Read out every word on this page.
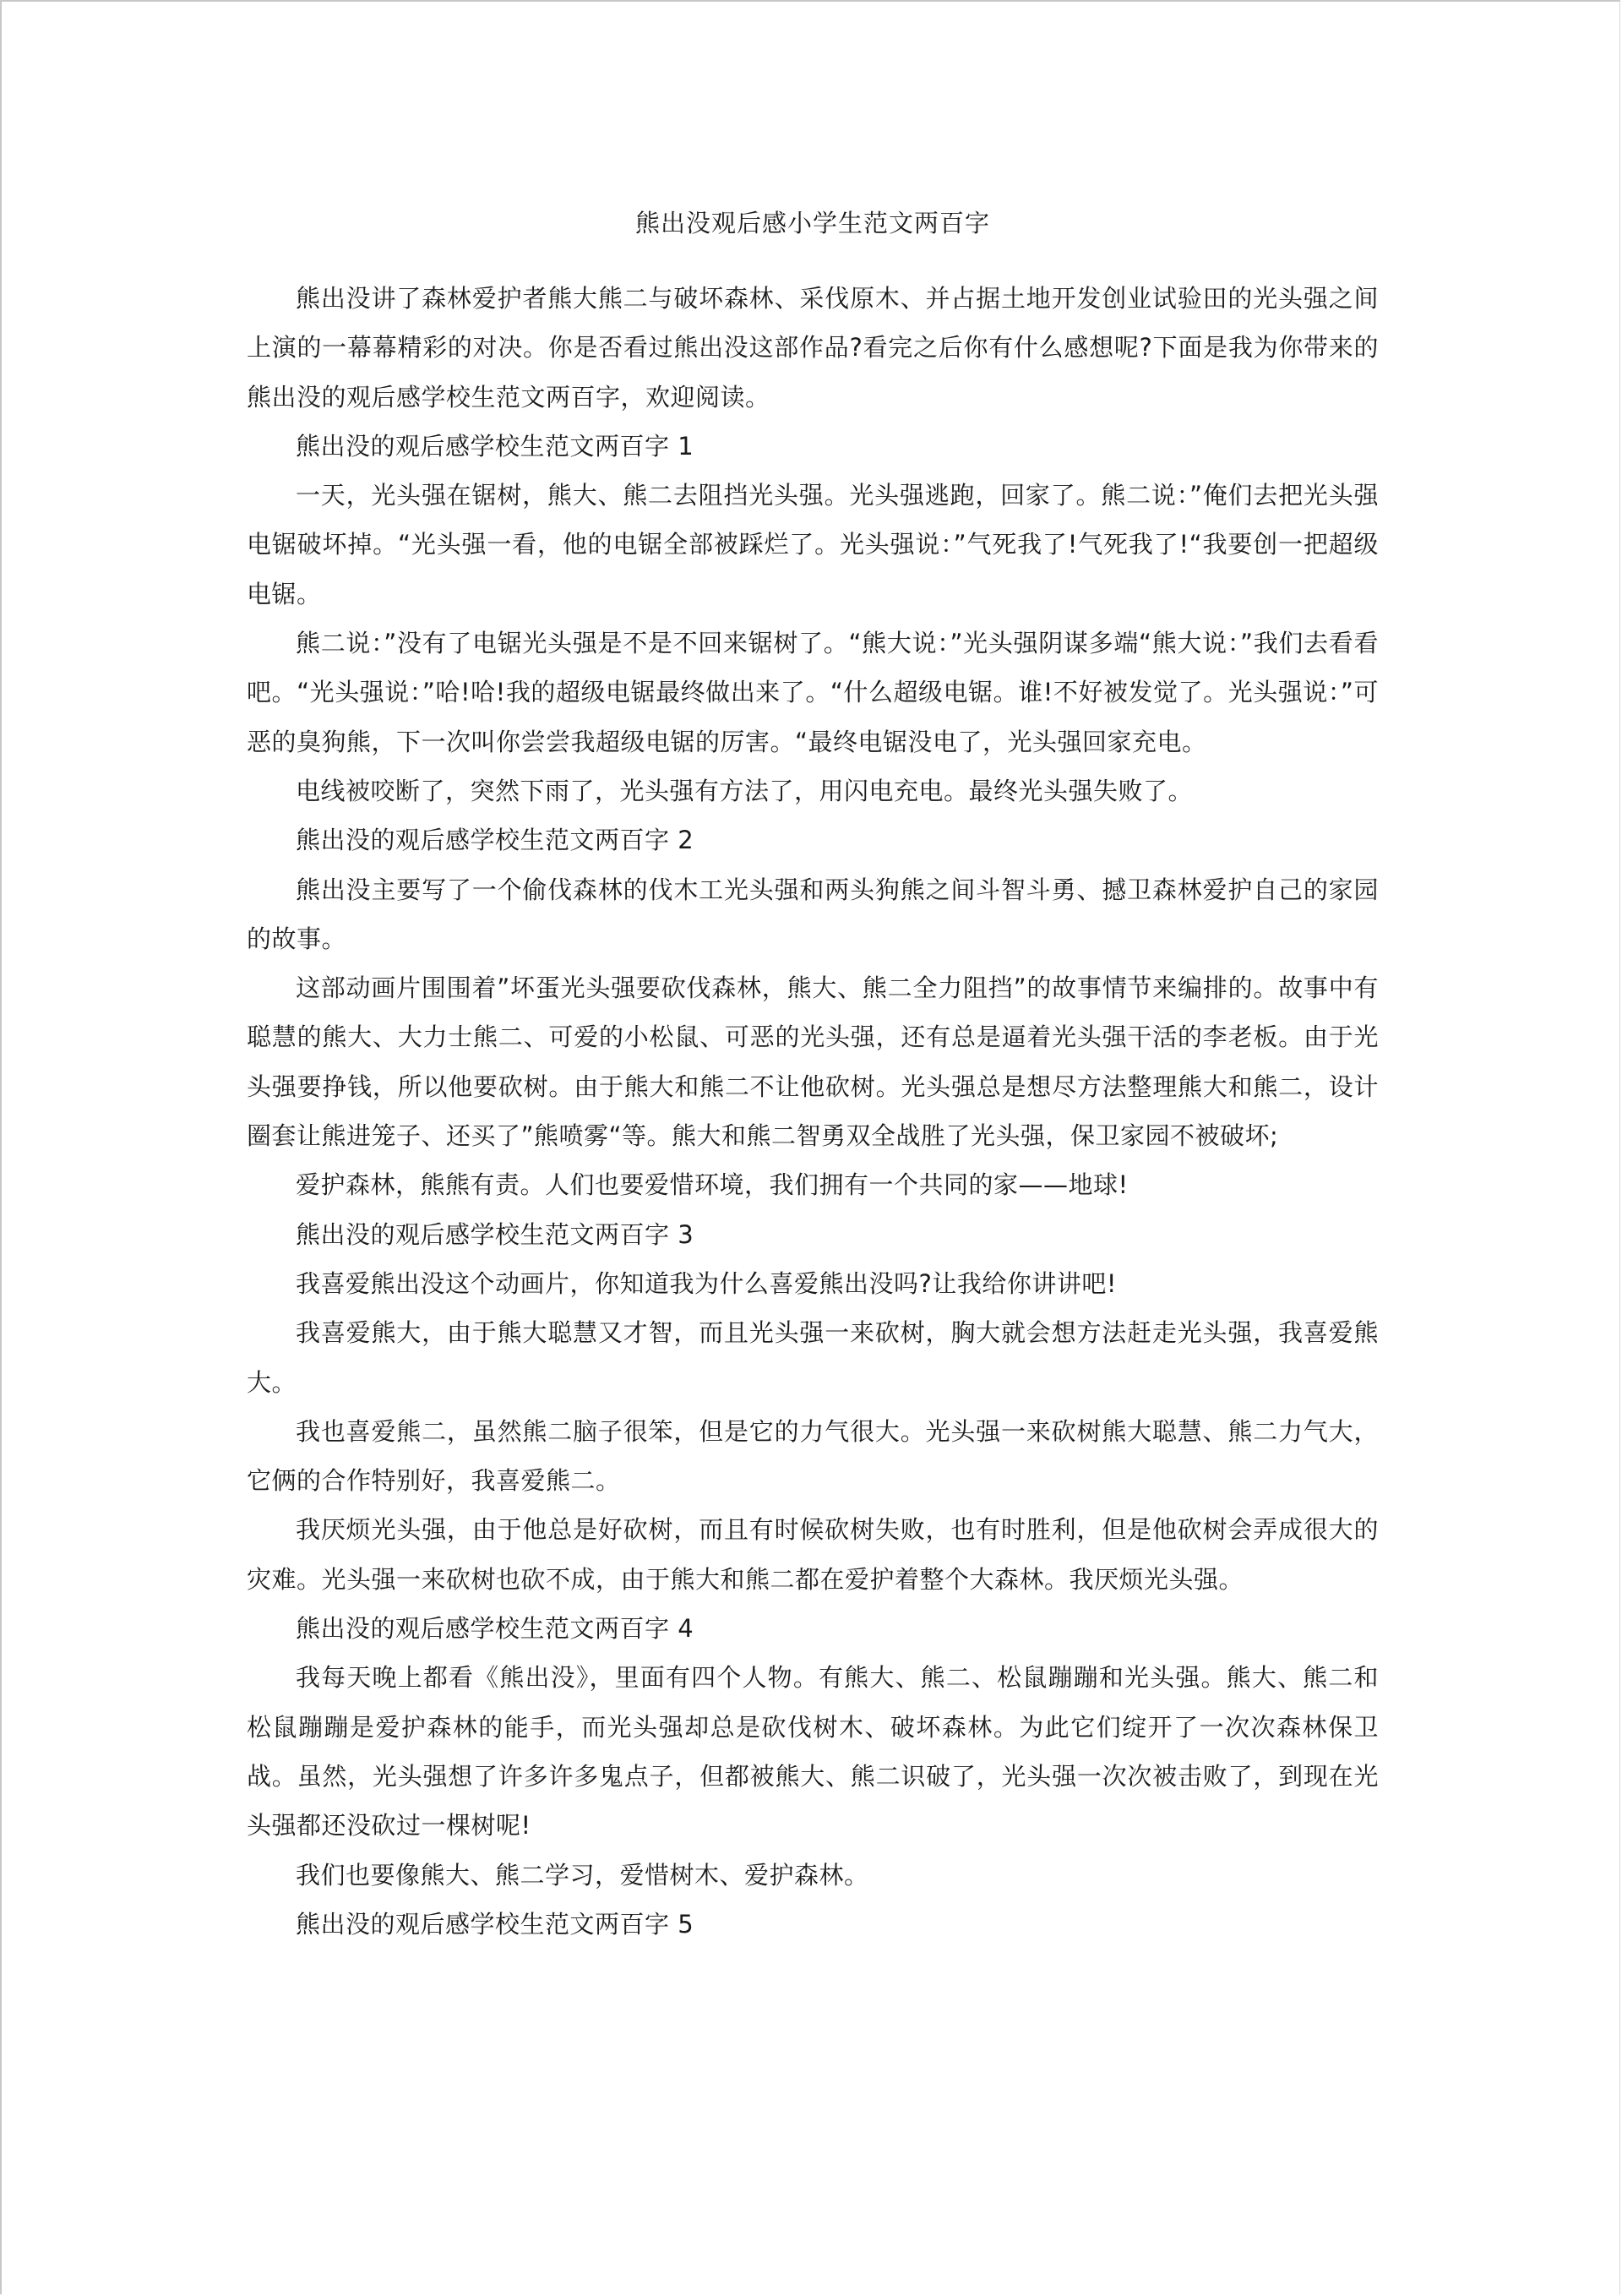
熊出没观后感小学生范文两百字

熊出没讲了森林爱护者熊大熊二与破坏森林、采伐原木、并占据土地开发创业试验田的光头强之间上演的一幕幕精彩的对决。你是否看过熊出没这部作品?看完之后你有什么感想呢?下面是我为你带来的熊出没的观后感学校生范文两百字，欢迎阅读。

熊出没的观后感学校生范文两百字 1

一天，光头强在锯树，熊大、熊二去阻挡光头强。光头强逃跑，回家了。熊二说：”俺们去把光头强电锯破坏掉。“光头强一看，他的电锯全部被踩烂了。光头强说：”气死我了!气死我了!“我要创一把超级电锯。

熊二说：”没有了电锯光头强是不是不回来锯树了。“熊大说：”光头强阴谋多端“熊大说：”我们去看看吧。“光头强说：”哈!哈!我的超级电锯最终做出来了。“什么超级电锯。谁!不好被发觉了。光头强说：”可恶的臭狗熊，下一次叫你尝尝我超级电锯的厉害。“最终电锯没电了，光头强回家充电。

电线被咬断了，突然下雨了，光头强有方法了，用闪电充电。最终光头强失败了。

熊出没的观后感学校生范文两百字 2

熊出没主要写了一个偷伐森林的伐木工光头强和两头狗熊之间斗智斗勇、撼卫森林爱护自己的家园的故事。

这部动画片围围着”坏蛋光头强要砍伐森林，熊大、熊二全力阻挡”的故事情节来编排的。故事中有聪慧的熊大、大力士熊二、可爱的小松鼠、可恶的光头强，还有总是逼着光头强干活的李老板。由于光头强要挣钱，所以他要砍树。由于熊大和熊二不让他砍树。光头强总是想尽方法整理熊大和熊二，设计圈套让熊进笼子、还买了”熊喷雾“等。熊大和熊二智勇双全战胜了光头强，保卫家园不被破坏;

爱护森林，熊熊有责。人们也要爱惜环境，我们拥有一个共同的家——地球!

熊出没的观后感学校生范文两百字 3

我喜爱熊出没这个动画片，你知道我为什么喜爱熊出没吗?让我给你讲讲吧!

我喜爱熊大，由于熊大聪慧又才智，而且光头强一来砍树，胸大就会想方法赶走光头强，我喜爱熊大。

我也喜爱熊二，虽然熊二脑子很笨，但是它的力气很大。光头强一来砍树熊大聪慧、熊二力气大，它俩的合作特别好，我喜爱熊二。

我厌烦光头强，由于他总是好砍树，而且有时候砍树失败，也有时胜利，但是他砍树会弄成很大的灾难。光头强一来砍树也砍不成，由于熊大和熊二都在爱护着整个大森林。我厌烦光头强。

熊出没的观后感学校生范文两百字 4

我每天晚上都看《熊出没》，里面有四个人物。有熊大、熊二、松鼠蹦蹦和光头强。熊大、熊二和松鼠蹦蹦是爱护森林的能手，而光头强却总是砍伐树木、破坏森林。为此它们绽开了一次次森林保卫战。虽然，光头强想了许多许多鬼点子，但都被熊大、熊二识破了，光头强一次次被击败了，到现在光头强都还没砍过一棵树呢!

我们也要像熊大、熊二学习，爱惜树木、爱护森林。

熊出没的观后感学校生范文两百字 5
